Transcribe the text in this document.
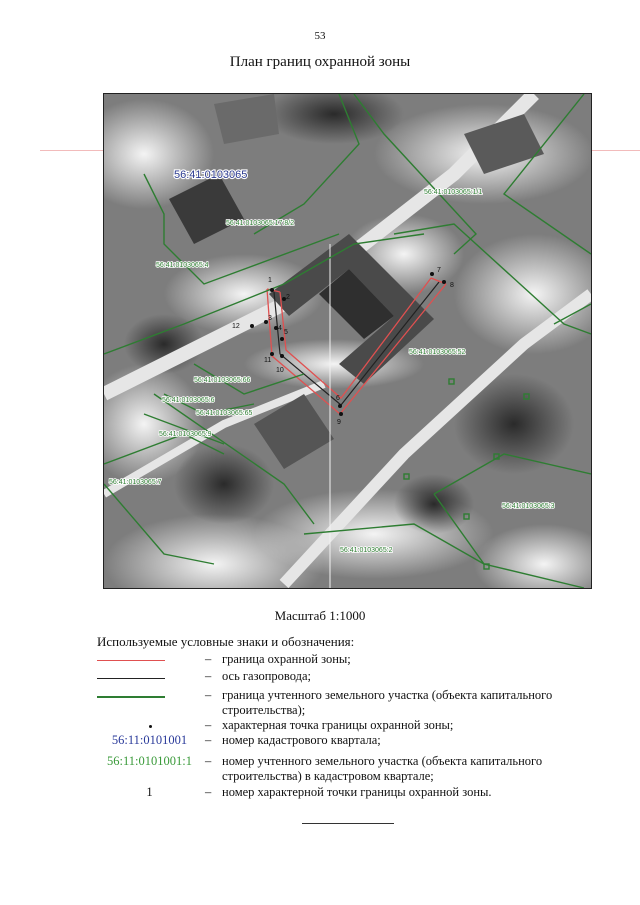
53
План границ охранной зоны
1
2
3
4
5
6
7
8
9
10
11
12
56:41:0103065
56:41:0103065:1/1
56:41:0103065:17:8/2
56:41:0103065:4
56:41:0103065:52
56:41:0103065:66
56:41:0103065:6
56:41:0103065:65
56:41:0103065:9
56:41:0103065:7
56:41:0103065:3
56:41:0103065:2
Масштаб 1:1000
Используемые условные знаки и обозначения:
– граница охранной зоны;
– ось газопровода;
– граница учтенного земельного участка (объекта капитального строительства);
– характерная точка границы охранной зоны;
56:11:0101001	– номер кадастрового квартала;
56:11:0101001:1	– номер учтенного земельного участка (объекта капитального строительства) в кадастровом квартале;
1	– номер характерной точки границы охранной зоны.
